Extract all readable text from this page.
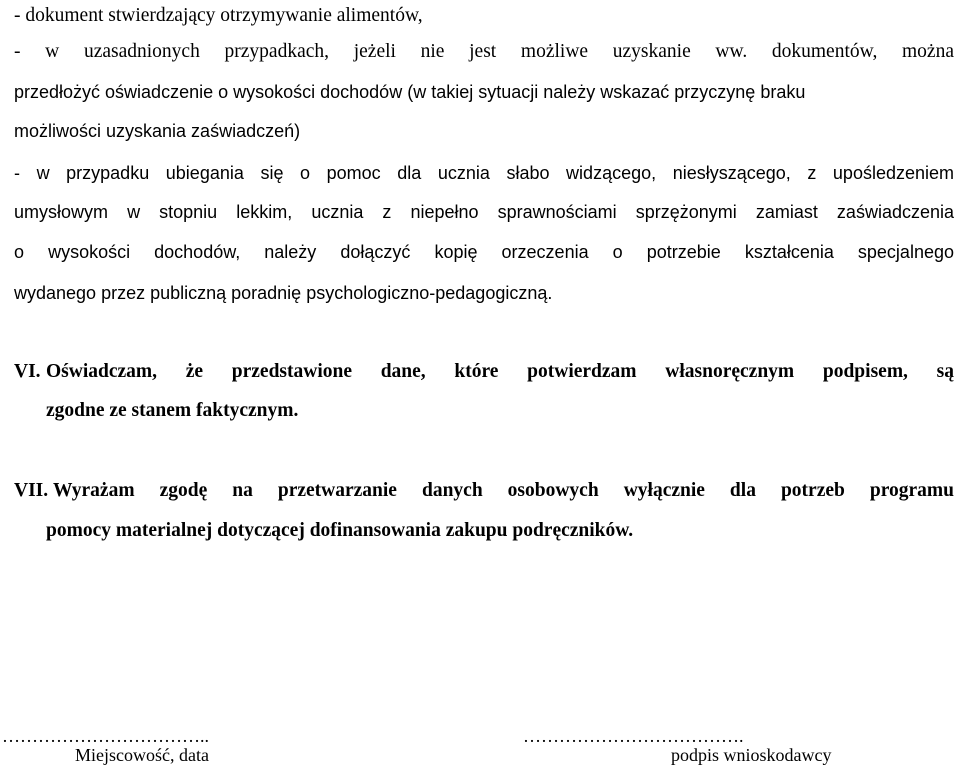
- dokument stwierdzający otrzymywanie alimentów,
- w uzasadnionych przypadkach, jeżeli nie jest możliwe uzyskanie ww. dokumentów, można
przedłożyć oświadczenie o wysokości dochodów (w takiej sytuacji należy wskazać przyczynę braku
możliwości uzyskania zaświadczeń)
- w przypadku ubiegania się o pomoc dla ucznia słabo widzącego, niesłyszącego, z upośledzeniem
umysłowym w stopniu lekkim, ucznia z niepełno sprawnościami sprzężonymi zamiast zaświadczenia
o wysokości dochodów, należy dołączyć kopię orzeczenia o potrzebie kształcenia specjalnego
wydanego przez publiczną poradnię psychologiczno-pedagogiczną.
VI. Oświadczam, że przedstawione dane, które potwierdzam własnoręcznym podpisem, są
zgodne ze stanem faktycznym.
VII. Wyrażam zgodę na przetwarzanie danych osobowych wyłącznie dla potrzeb programu
pomocy materialnej dotyczącej dofinansowania zakupu podręczników.
……………………………..
Miejscowość, data
……………………………….
podpis wnioskodawcy
